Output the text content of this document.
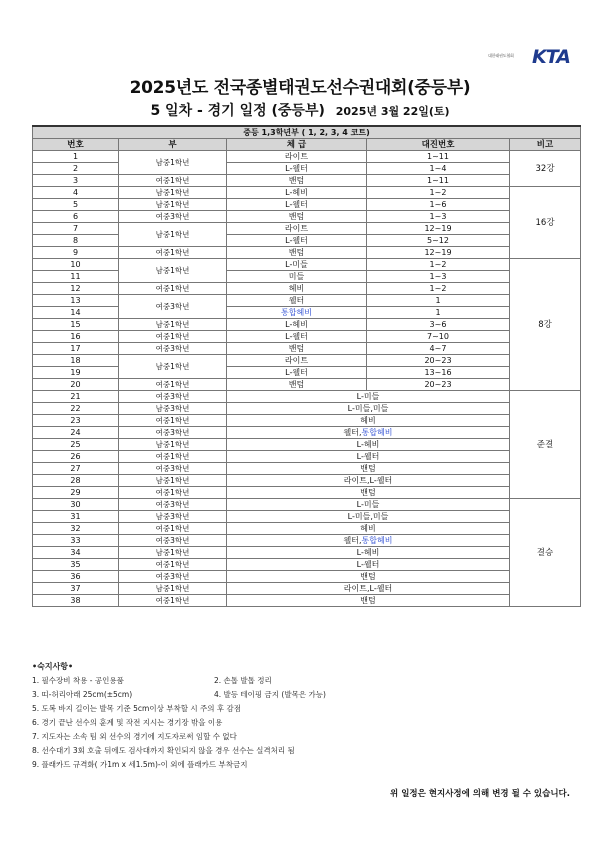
대한태권도협회 KTA
2025년도 전국종별태권도선수권대회(중등부)
5 일차 - 경기 일정 (중등부) 2025년 3월 22일(토)
중등 1,3학년부 ( 1, 2, 3, 4 코트)				
번호	부	체 급	대진번호	비고
1	남중1학년	라이트	1~11	32강
2		L-웰터	1~4	
3	여중1학년	밴텀	1~11	
4	남중1학년	L-헤비	1~2	16강
5	남중1학년	L-웰터	1~6	
6	여중3학년	밴텀	1~3	
7	남중1학년	라이트	12~19	
8		L-웰터	5~12	
9	여중1학년	밴텀	12~19	
10	남중1학년	L-미들	1~2	8강
11		미들	1~3	
12	여중1학년	헤비	1~2	
13	여중3학년	웰터	1	
14		통합헤비	1	
15	남중1학년	L-헤비	3~6	
16	여중1학년	L-웰터	7~10	
17	여중3학년	밴텀	4~7	
18	남중1학년	라이트	20~23	
19		L-웰터	13~16	
20	여중1학년	밴텀	20~23	
21	여중3학년	L-미들		준결
22	남중3학년	L-미들,미들		
23	여중1학년	헤비		
24	여중3학년	웰터,통합헤비		
25	남중1학년	L-헤비		
26	여중1학년	L-웰터		
27	여중3학년	밴텀		
28	남중1학년	라이트,L-웰터		
29	여중1학년	밴텀		
30	여중3학년	L-미들		결승
31	남중3학년	L-미들,미들		
32	여중1학년	헤비		
33	여중3학년	웰터,통합헤비		
34	남중1학년	L-헤비		
35	여중1학년	L-웰터		
36	여중3학년	밴텀		
37	남중1학년	라이트,L-웰터		
38	여중1학년	밴텀		
•숙지사항•
1. 필수장비 착용 - 공인용품	2. 손톱 발톱 정리
3. 띠-허리아래 25cm(±5cm)	4. 발등 테이핑 금지 (발목은 가능)
5. 도복 바지 길이는 발목 기준 5cm이상 부착할 시 주의 후 감점
6. 경기 끝난 선수의 훈계 및 작전 지시는 경기장 밖을 이용
7. 지도자는 소속 팀 외 선수의 경기에 지도자로써 임할 수 없다
8. 선수대기 3회 호출 뒤에도 검사대까지 확인되지 않을 경우 선수는 실격처리 됨
9. 플래카드 규격화( 가1m x 세1.5m)-이 외에 플래카드 부착금지
위 일정은 현지사정에 의해 변경 될 수 있습니다.
